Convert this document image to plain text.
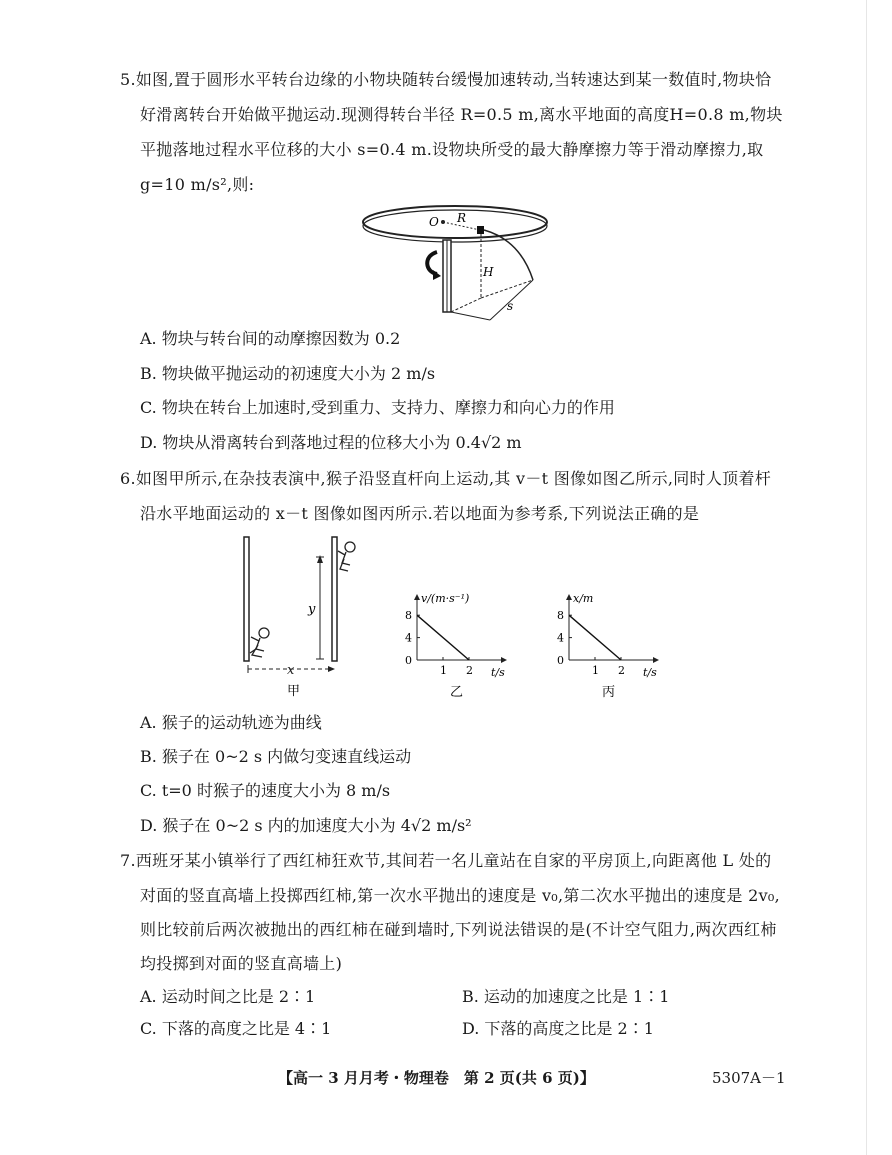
5.如图,置于圆形水平转台边缘的小物块随转台缓慢加速转动,当转速达到某一数值时,物块恰
好滑离转台开始做平抛运动.现测得转台半径 R=0.5 m,离水平地面的高度H=0.8 m,物块
平抛落地过程水平位移的大小 s=0.4 m.设物块所受的最大静摩擦力等于滑动摩擦力,取
g=10 m/s²,则:
O R
H
s
A. 物块与转台间的动摩擦因数为 0.2
B. 物块做平抛运动的初速度大小为 2 m/s
C. 物块在转台上加速时,受到重力、支持力、摩擦力和向心力的作用
D. 物块从滑离转台到落地过程的位移大小为 0.4√2 m
6.如图甲所示,在杂技表演中,猴子沿竖直杆向上运动,其 v－t 图像如图乙所示,同时人顶着杆
沿水平地面运动的 x－t 图像如图丙所示.若以地面为参考系,下列说法正确的是
y
x
甲
v/(m·s⁻¹)
t/s
0
4
8
1 2
乙
x/m
t/s
0
4
8
1 2
丙
A. 猴子的运动轨迹为曲线
B. 猴子在 0~2 s 内做匀变速直线运动
C. t=0 时猴子的速度大小为 8 m/s
D. 猴子在 0~2 s 内的加速度大小为 4√2 m/s²
7.西班牙某小镇举行了西红柿狂欢节,其间若一名儿童站在自家的平房顶上,向距离他 L 处的
对面的竖直高墙上投掷西红柿,第一次水平抛出的速度是 v₀,第二次水平抛出的速度是 2v₀,
则比较前后两次被抛出的西红柿在碰到墙时,下列说法错误的是(不计空气阻力,两次西红柿
均投掷到对面的竖直高墙上)
A. 运动时间之比是 2∶1	B. 运动的加速度之比是 1∶1
C. 下落的高度之比是 4∶1	D. 下落的高度之比是 2∶1
【高一 3 月月考・物理卷　第 2 页(共 6 页)】	5307A－1
